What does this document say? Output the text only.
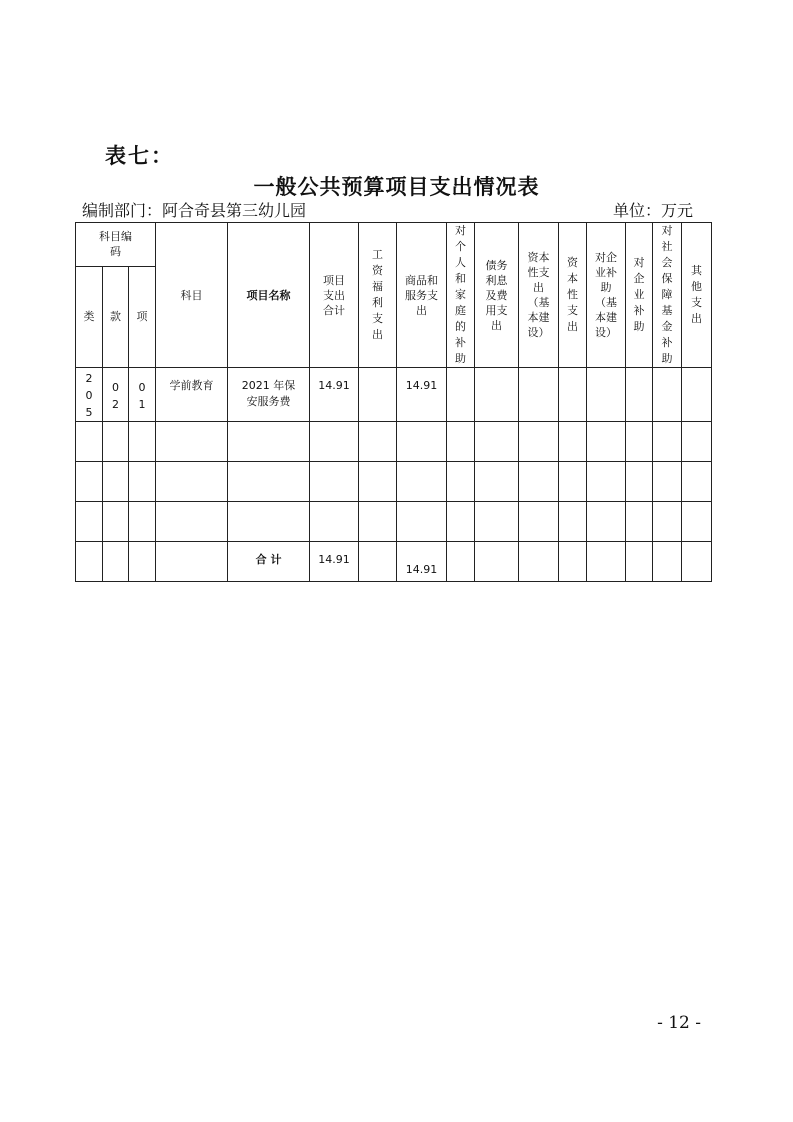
表七：
一般公共预算项目支出情况表
编制部门：阿合奇县第三幼儿园	单位：万元
科目编码			科目	项目名称	项目支出合计	工资福利支出	商品和服务支出	对个人和家庭的补助	债务利息及费用支出	资本性支出（基本建设）	资本性支出	对企业补助（基本建设）	对企业补助	对社会保障基金补助	其他支出
类	款	项													
205	02	01	学前教育	2021 年保安服务费	14.91		14.91								

				合 计	14.91		14.91								
- 12 -
